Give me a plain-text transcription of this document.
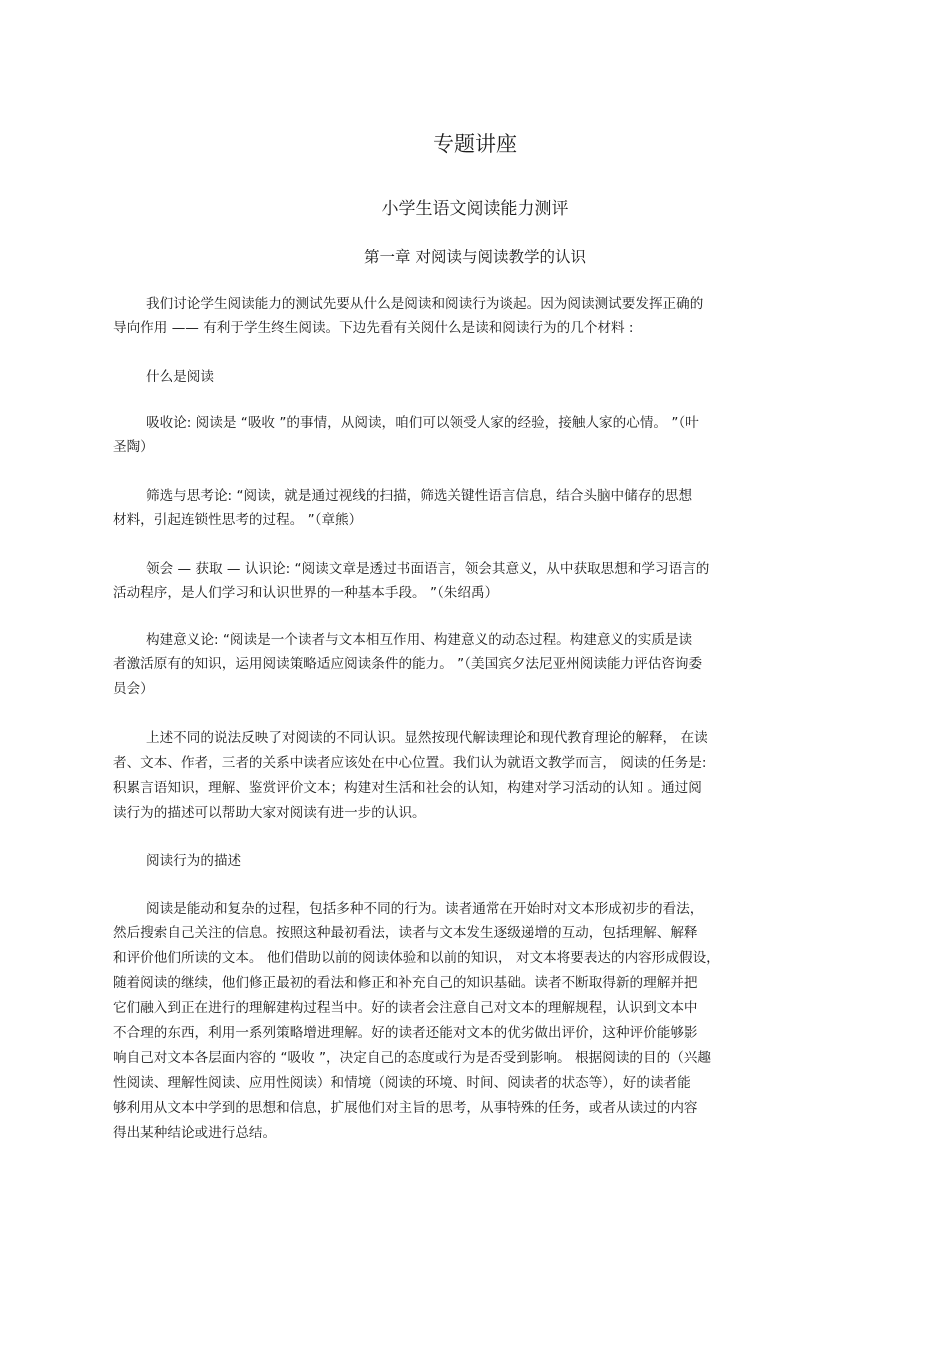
专题讲座
小学生语文阅读能力测评
第一章 对阅读与阅读教学的认识
我们讨论学生阅读能力的测试先要从什么是阅读和阅读行为谈起。因为阅读测试要发挥正确的
导向作用 —— 有利于学生终生阅读。下边先看有关阅什么是读和阅读行为的几个材料 :
什么是阅读
吸收论: 阅读是 “吸收 ”的事情，从阅读，咱们可以领受人家的经验，接触人家的心情。 ”（叶
圣陶）
筛选与思考论: “阅读，就是通过视线的扫描，筛选关键性语言信息，结合头脑中储存的思想
材料，引起连锁性思考的过程。 ”（章熊）
领会 — 获取 — 认识论: “阅读文章是透过书面语言，领会其意义，从中获取思想和学习语言的
活动程序，是人们学习和认识世界的一种基本手段。 ”（朱绍禹）
构建意义论: “阅读是一个读者与文本相互作用、构建意义的动态过程。构建意义的实质是读
者激活原有的知识，运用阅读策略适应阅读条件的能力。 ”（美国宾夕法尼亚州阅读能力评估咨询委
员会）
上述不同的说法反映了对阅读的不同认识。显然按现代解读理论和现代教育理论的解释， 在读
者、文本、作者，三者的关系中读者应该处在中心位置。我们认为就语文教学而言， 阅读的任务是:
积累言语知识，理解、鉴赏评价文本；构建对生活和社会的认知，构建对学习活动的认知 。通过阅
读行为的描述可以帮助大家对阅读有进一步的认识。
阅读行为的描述
阅读是能动和复杂的过程，包括多种不同的行为。读者通常在开始时对文本形成初步的看法，
然后搜索自己关注的信息。按照这种最初看法，读者与文本发生逐级递增的互动，包括理解、解释
和评价他们所读的文本。 他们借助以前的阅读体验和以前的知识， 对文本将要表达的内容形成假设，
随着阅读的继续，他们修正最初的看法和修正和补充自己的知识基础。读者不断取得新的理解并把
它们融入到正在进行的理解建构过程当中。好的读者会注意自己对文本的理解规程，认识到文本中
不合理的东西，利用一系列策略增进理解。好的读者还能对文本的优劣做出评价，这种评价能够影
响自己对文本各层面内容的 “吸收 ”，决定自己的态度或行为是否受到影响。 根据阅读的目的（兴趣
性阅读、理解性阅读、应用性阅读）和情境（阅读的环境、时间、阅读者的状态等），好的读者能
够利用从文本中学到的思想和信息，扩展他们对主旨的思考，从事特殊的任务，或者从读过的内容
得出某种结论或进行总结。
